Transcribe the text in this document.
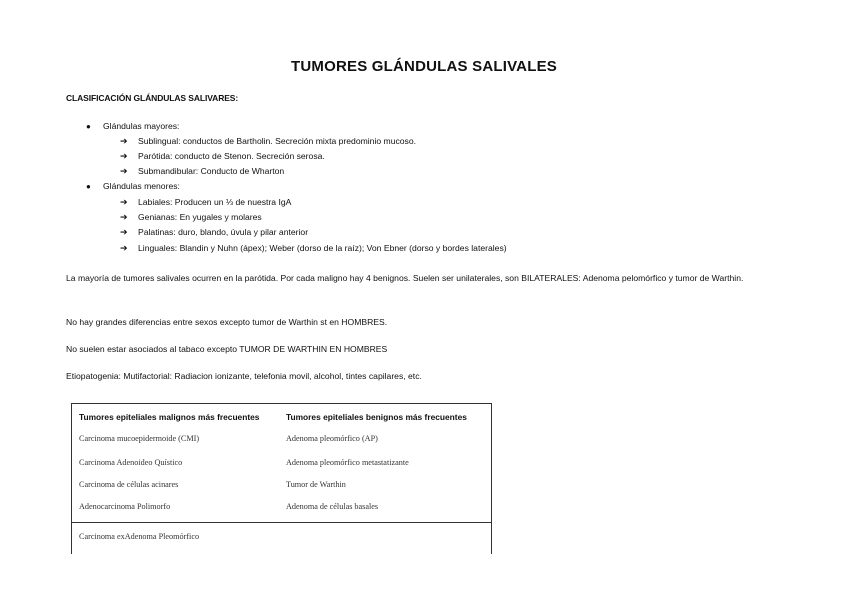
TUMORES GLÁNDULAS SALIVALES
CLASIFICACIÓN GLÁNDULAS SALIVARES:
● Glándulas mayores:
➔ Sublingual: conductos de Bartholin. Secreción mixta predominio mucoso.
➔ Parótida: conducto de Stenon. Secreción serosa.
➔ Submandibular: Conducto de Wharton
● Glándulas menores:
➔ Labiales: Producen un ⅓ de nuestra IgA
➔ Genianas: En yugales y molares
➔ Palatinas: duro, blando, úvula y pilar anterior
➔ Linguales: Blandin y Nuhn (ápex); Weber (dorso de la raíz); Von Ebner (dorso y bordes laterales)
La mayoría de tumores salivales ocurren en la parótida. Por cada maligno hay 4 benignos. Suelen ser unilaterales, son BILATERALES: Adenoma pelomórfico y tumor de Warthin.
No hay grandes diferencias entre sexos excepto tumor de Warthin st en HOMBRES.
No suelen estar asociados al tabaco excepto TUMOR DE WARTHIN EN HOMBRES
Etiopatogenia: Mutifactorial: Radiacion ionizante, telefonia movil, alcohol, tintes capilares, etc.
Tumores epiteliales malignos más frecuentes	Tumores epiteliales benignos más frecuentes
Carcinoma mucoepidermoide (CMI)	Adenoma pleomórfico (AP)
Carcinoma Adenoideo Quístico	Adenoma pleomórfico metastatizante
Carcinoma de células acinares	Tumor de Warthin
Adenocarcinoma Polimorfo	Adenoma de células basales
Carcinoma exAdenoma Pleomórfico
